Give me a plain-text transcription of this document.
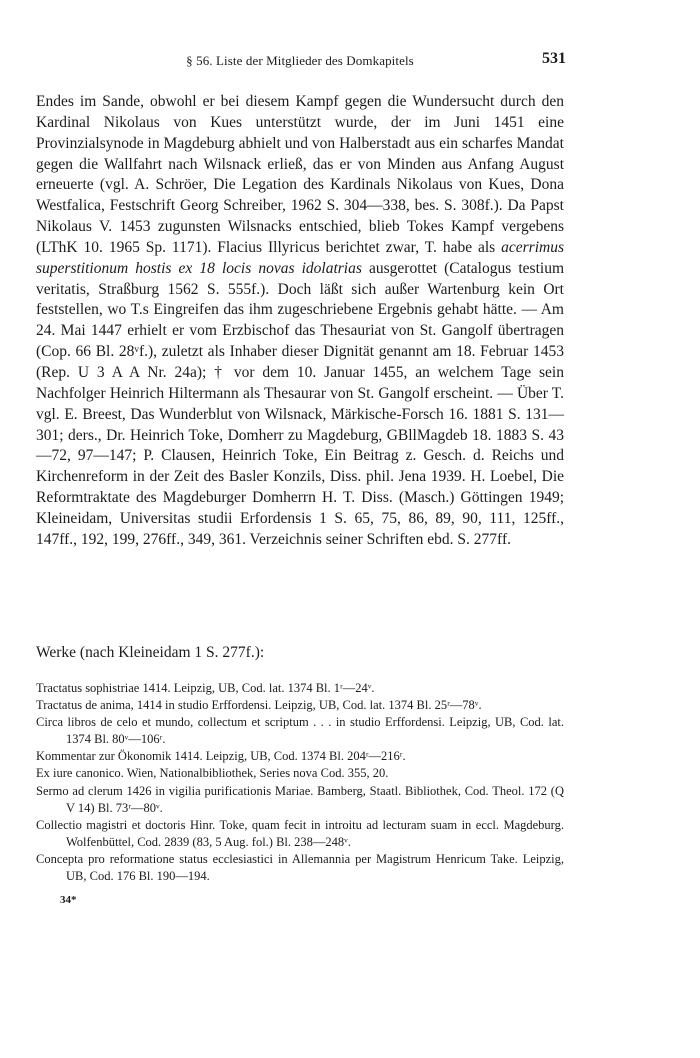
§ 56. Liste der Mitglieder des Domkapitels	531

Endes im Sande, obwohl er bei diesem Kampf gegen die Wundersucht durch den Kardinal Nikolaus von Kues unterstützt wurde, der im Juni 1451 eine Provinzialsynode in Magdeburg abhielt und von Halberstadt aus ein scharfes Mandat gegen die Wallfahrt nach Wilsnack erließ, das er von Minden aus Anfang August erneuerte (vgl. A. Schröer, Die Legation des Kardinals Nikolaus von Kues, Dona Westfalica, Festschrift Georg Schreiber, 1962 S. 304—338, bes. S. 308f.). Da Papst Nikolaus V. 1453 zugunsten Wilsnacks entschied, blieb Tokes Kampf vergebens (LThK 10. 1965 Sp. 1171). Flacius Illyricus berichtet zwar, T. habe als acerrimus superstitionum hostis ex 18 locis novas idolatrias ausgerottet (Catalogus testium veritatis, Straßburg 1562 S. 555f.). Doch läßt sich außer Wartenburg kein Ort feststellen, wo T.s Eingreifen das ihm zugeschriebene Ergebnis gehabt hätte. — Am 24. Mai 1447 erhielt er vom Erzbischof das Thesauriat von St. Gangolf übertragen (Cop. 66 Bl. 28ᵛf.), zuletzt als Inhaber dieser Dignität genannt am 18. Februar 1453 (Rep. U 3 A A Nr. 24a); † vor dem 10. Januar 1455, an welchem Tage sein Nachfolger Heinrich Hiltermann als Thesaurar von St. Gangolf erscheint. — Über T. vgl. E. Breest, Das Wunderblut von Wilsnack, Märkische-Forsch 16. 1881 S. 131—301; ders., Dr. Heinrich Toke, Domherr zu Magdeburg, GBllMagdeb 18. 1883 S. 43—72, 97—147; P. Clausen, Heinrich Toke, Ein Beitrag z. Gesch. d. Reichs und Kirchenreform in der Zeit des Basler Konzils, Diss. phil. Jena 1939. H. Loebel, Die Reformtraktate des Magdeburger Domherrn H. T. Diss. (Masch.) Göttingen 1949; Kleineidam, Universitas studii Erfordensis 1 S. 65, 75, 86, 89, 90, 111, 125ff., 147ff., 192, 199, 276ff., 349, 361. Verzeichnis seiner Schriften ebd. S. 277ff.

Werke (nach Kleineidam 1 S. 277f.):
Tractatus sophistriae 1414. Leipzig, UB, Cod. lat. 1374 Bl. 1ʳ—24ᵛ.
Tractatus de anima, 1414 in studio Erffordensi. Leipzig, UB, Cod. lat. 1374 Bl. 25ʳ—78ᵛ.
Circa libros de celo et mundo, collectum et scriptum . . . in studio Erffordensi. Leipzig, UB, Cod. lat. 1374 Bl. 80ᵛ—106ʳ.
Kommentar zur Ökonomik 1414. Leipzig, UB, Cod. 1374 Bl. 204ʳ—216ʳ.
Ex iure canonico. Wien, Nationalbibliothek, Series nova Cod. 355, 20.
Sermo ad clerum 1426 in vigilia purificationis Mariae. Bamberg, Staatl. Bibliothek, Cod. Theol. 172 (Q V 14) Bl. 73ʳ—80ᵛ.
Collectio magistri et doctoris Hinr. Toke, quam fecit in introitu ad lecturam suam in eccl. Magdeburg. Wolfenbüttel, Cod. 2839 (83, 5 Aug. fol.) Bl. 238—248ᵛ.
Concepta pro reformatione status ecclesiastici in Allemannia per Magistrum Henricum Take. Leipzig, UB, Cod. 176 Bl. 190—194.
34*
